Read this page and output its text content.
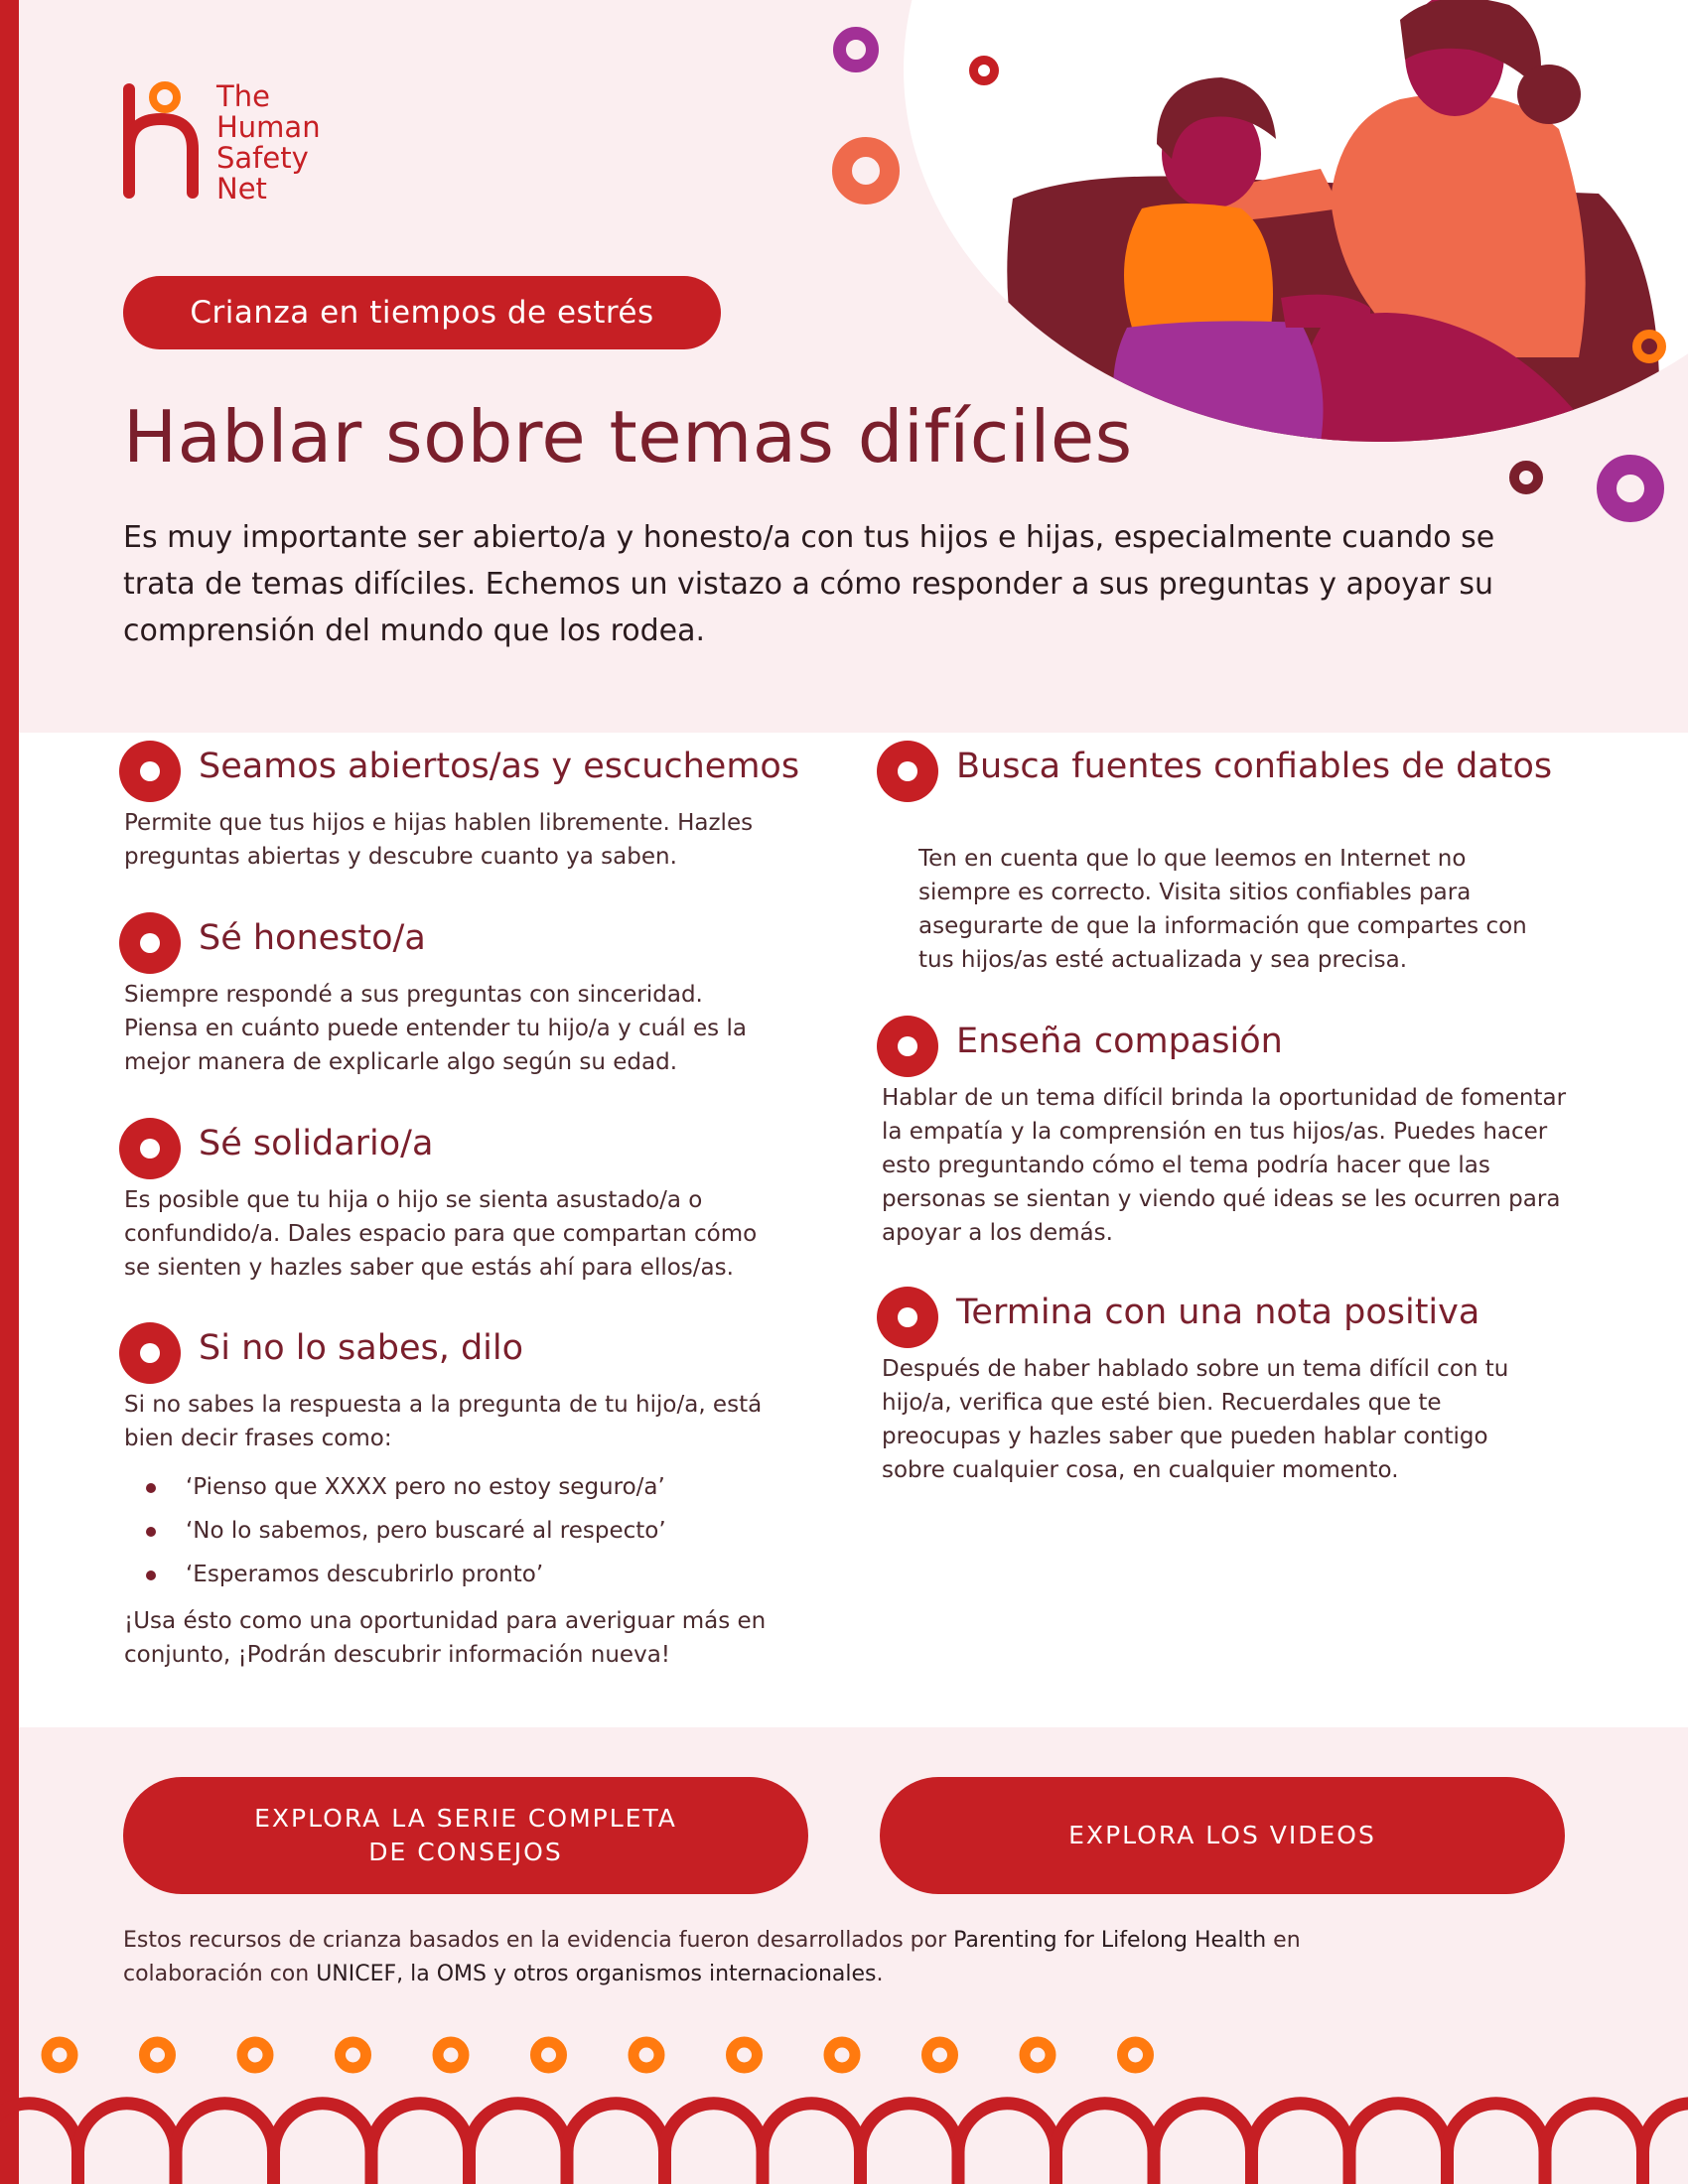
The
Human
Safety
Net
Crianza en tiempos de estrés
Hablar sobre temas difíciles
Es muy importante ser abierto/a y honesto/a con tus hijos e hijas, especialmente cuando se trata de temas difíciles. Echemos un vistazo a cómo responder a sus preguntas y apoyar su comprensión del mundo que los rodea.
Seamos abiertos/as y escuchemos

Permite que tus hijos e hijas hablen libremente. Hazles preguntas abiertas y descubre cuanto ya saben.

Sé honesto/a

Siempre respondé a sus preguntas con sinceridad. Piensa en cuánto puede entender tu hijo/a y cuál es la mejor manera de explicarle algo según su edad.

Sé solidario/a

Es posible que tu hija o hijo se sienta asustado/a o confundido/a. Dales espacio para que compartan cómo se sienten y hazles saber que estás ahí para ellos/as.

Si no lo sabes, dilo

Si no sabes la respuesta a la pregunta de tu hijo/a, está bien decir frases como:

‘Pienso que XXXX pero no estoy seguro/a’
‘No lo sabemos, pero buscaré al respecto’
‘Esperamos descubrirlo pronto’

¡Usa ésto como una oportunidad para averiguar más en conjunto, ¡Podrán descubrir información nueva!

Busca fuentes confiables de datos

Ten en cuenta que lo que leemos en Internet no siempre es correcto. Visita sitios confiables para asegurarte de que la información que compartes con tus hijos/as esté actualizada y sea precisa.

Enseña compasión

Hablar de un tema difícil brinda la oportunidad de fomentar la empatía y la comprensión en tus hijos/as. Puedes hacer esto preguntando cómo el tema podría hacer que las personas se sientan y viendo qué ideas se les ocurren para apoyar a los demás.

Termina con una nota positiva

Después de haber hablado sobre un tema difícil con tu hijo/a, verifica que esté bien. Recuerdales que te preocupas y hazles saber que pueden hablar contigo sobre cualquier cosa, en cualquier momento.

EXPLORA LA SERIE COMPLETA DE CONSEJOS
EXPLORA LOS VIDEOS
Estos recursos de crianza basados en la evidencia fueron desarrollados por Parenting for Lifelong Health en colaboración con UNICEF, la OMS y otros organismos internacionales.
